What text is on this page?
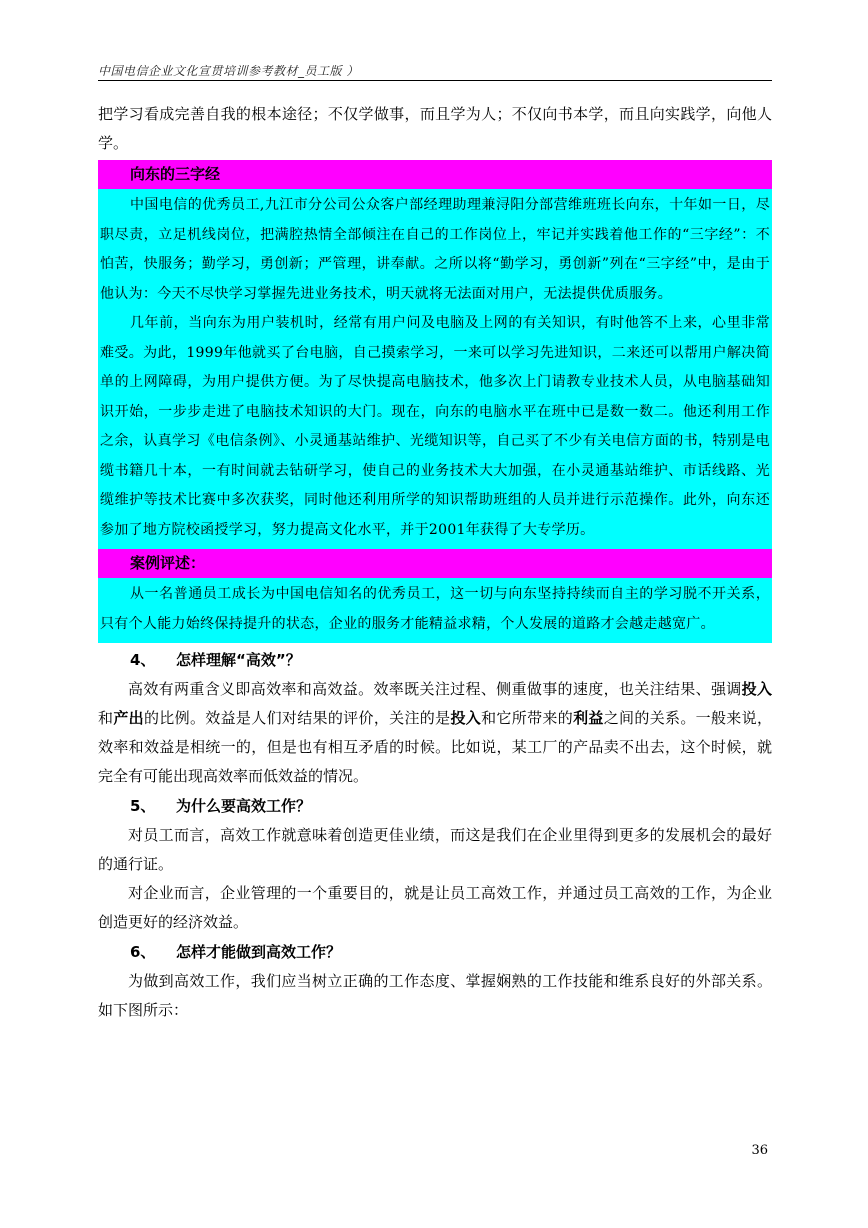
中国电信企业文化宣贯培训参考教材_员工版 ）

把学习看成完善自我的根本途径；不仅学做事，而且学为人；不仅向书本学，而且向实践学，向他人学。

向东的三字经

中国电信的优秀员工,九江市分公司公众客户部经理助理兼浔阳分部营维班班长向东，十年如一日，尽职尽责，立足机线岗位，把满腔热情全部倾注在自己的工作岗位上，牢记并实践着他工作的“三字经”：不怕苦，快服务；勤学习，勇创新；严管理，讲奉献。之所以将“勤学习，勇创新”列在“三字经”中，是由于他认为：今天不尽快学习掌握先进业务技术，明天就将无法面对用户，无法提供优质服务。

几年前，当向东为用户装机时，经常有用户问及电脑及上网的有关知识，有时他答不上来，心里非常难受。为此，1999年他就买了台电脑，自己摸索学习，一来可以学习先进知识，二来还可以帮用户解决简单的上网障碍，为用户提供方便。为了尽快提高电脑技术，他多次上门请教专业技术人员，从电脑基础知识开始，一步步走进了电脑技术知识的大门。现在，向东的电脑水平在班中已是数一数二。他还利用工作之余，认真学习《电信条例》、小灵通基站维护、光缆知识等，自己买了不少有关电信方面的书，特别是电缆书籍几十本，一有时间就去钻研学习，使自己的业务技术大大加强，在小灵通基站维护、市话线路、光缆维护等技术比赛中多次获奖，同时他还利用所学的知识帮助班组的人员并进行示范操作。此外，向东还参加了地方院校函授学习，努力提高文化水平，并于2001年获得了大专学历。

案例评述：

从一名普通员工成长为中国电信知名的优秀员工，这一切与向东坚持持续而自主的学习脱不开关系，只有个人能力始终保持提升的状态，企业的服务才能精益求精，个人发展的道路才会越走越宽广。

4、 怎样理解“高效”？

高效有两重含义即高效率和高效益。效率既关注过程、侧重做事的速度，也关注结果、强调投入和产出的比例。效益是人们对结果的评价，关注的是投入和它所带来的利益之间的关系。一般来说，效率和效益是相统一的，但是也有相互矛盾的时候。比如说，某工厂的产品卖不出去，这个时候，就完全有可能出现高效率而低效益的情况。

5、 为什么要高效工作？

对员工而言，高效工作就意味着创造更佳业绩，而这是我们在企业里得到更多的发展机会的最好的通行证。

对企业而言，企业管理的一个重要目的，就是让员工高效工作，并通过员工高效的工作，为企业创造更好的经济效益。

6、 怎样才能做到高效工作？

为做到高效工作，我们应当树立正确的工作态度、掌握娴熟的工作技能和维系良好的外部关系。如下图所示：

36
